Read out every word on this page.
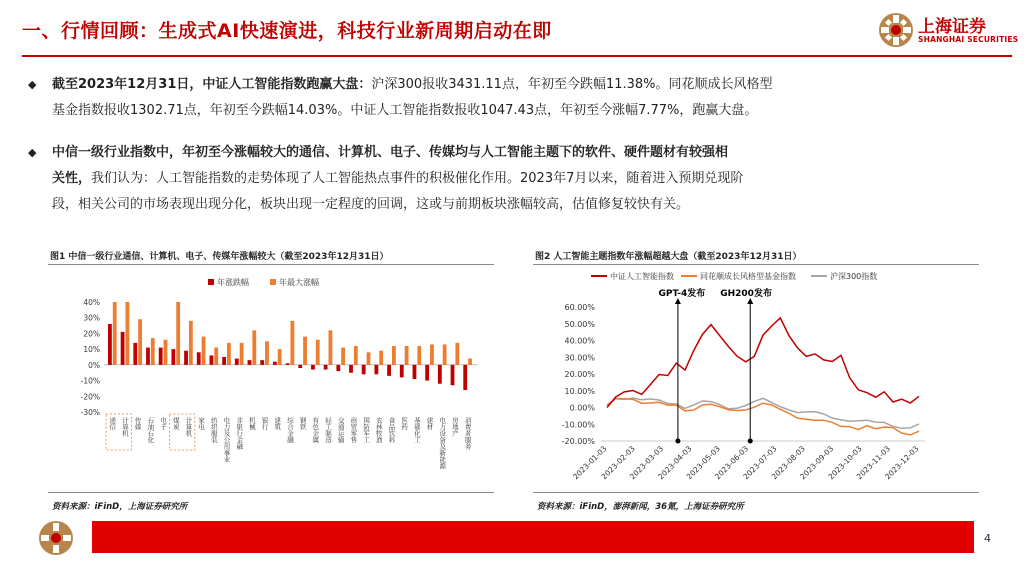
一、行情回顾：生成式AI快速演进，科技行业新周期启动在即	上海证券
SHANGHAI SECURITIES
◆ 截至2023年12月31日，中证人工智能指数跑赢大盘：沪深300报收3431.11点，年初至今跌幅11.38%。同花顺成长风格型
基金指数报收1302.71点，年初至今跌幅14.03%。中证人工智能指数报收1047.43点，年初至今涨幅7.77%，跑赢大盘。
◆ 中信一级行业指数中，年初至今涨幅较大的通信、计算机、电子、传媒均与人工智能主题下的软件、硬件题材有较强相
关性，我们认为：人工智能指数的走势体现了人工智能热点事件的积极催化作用。2023年7月以来，随着进入预期兑现阶
段，相关公司的市场表现出现分化，板块出现一定程度的回调，这或与前期板块涨幅较高，估值修复较快有关。
图1 中信一级行业通信、计算机、电子、传媒年涨幅较大（截至2023年12月31日）
年涨跌幅	年最大涨幅
40%
30%
20%
10%
0%
-10%
-20%
-30%
通信 计算机 传媒 石油石化 电子 煤炭 计算机 家电 纺织服装 电力及公用事业 非银行金融 机械 银行 建筑 综合金融 钢铁 有色金属 轻工制造 交通运输 商贸零售 国防军工 农林牧渔 食品饮料 医药 基础化工 建材 电力设备及新能源 房地产 消费者服务
资料来源：iFinD，上海证券研究所
图2 人工智能主题指数年涨幅超越大盘（截至2023年12月31日）
中证人工智能指数	同花顺成长风格型基金指数	沪深300指数
60.00%
50.00%
40.00%
30.00%
20.00%
10.00%
0.00%
-10.00%
-20.00%
2023-01-03
2023-02-03
2023-03-03
2023-04-03
2023-05-03
2023-06-03
2023-07-03
2023-08-03
2023-09-03
2023-10-03
2023-11-03
2023-12-03
GPT-4发布 GH200发布
资料来源：iFinD，澎湃新闻，36氪，上海证券研究所
4
